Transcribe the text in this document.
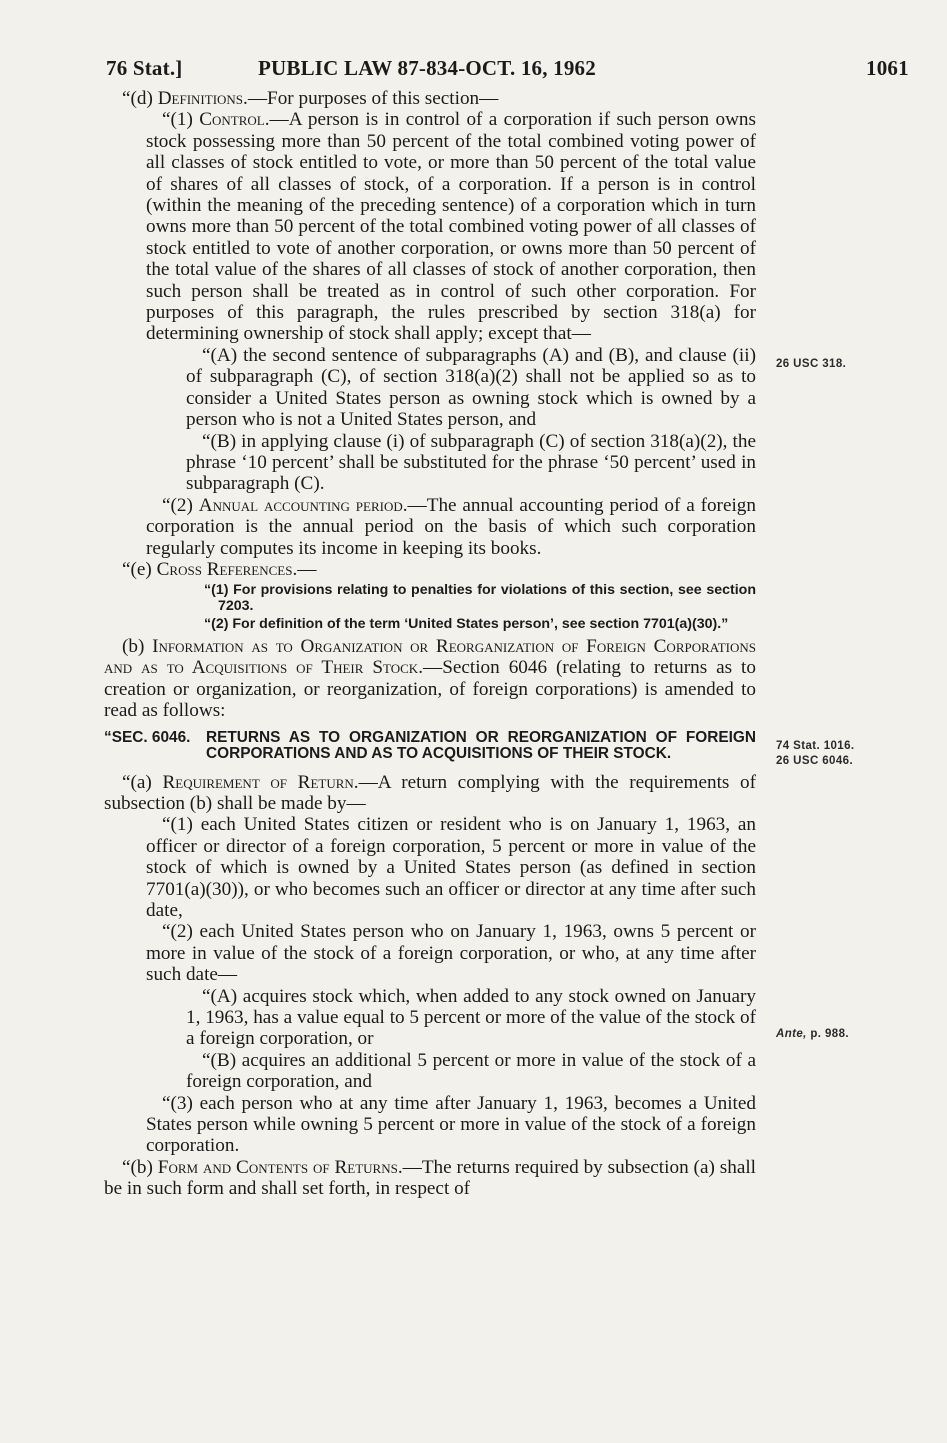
76 Stat.]	PUBLIC LAW 87-834-OCT. 16, 1962	1061
26 USC 318.
74 Stat. 1016.
26 USC 6046.
Ante, p. 988.

“(d) Definitions.—For purposes of this section—

“(1) Control.—A person is in control of a corporation if such person owns stock possessing more than 50 percent of the total combined voting power of all classes of stock entitled to vote, or more than 50 percent of the total value of shares of all classes of stock, of a corporation. If a person is in control (within the meaning of the preceding sentence) of a corporation which in turn owns more than 50 percent of the total combined voting power of all classes of stock entitled to vote of another corporation, or owns more than 50 percent of the total value of the shares of all classes of stock of another corporation, then such person shall be treated as in control of such other corporation. For purposes of this paragraph, the rules prescribed by section 318(a) for determining ownership of stock shall apply; except that—

“(A) the second sentence of subparagraphs (A) and (B), and clause (ii) of subparagraph (C), of section 318(a)(2) shall not be applied so as to consider a United States person as owning stock which is owned by a person who is not a United States person, and

“(B) in applying clause (i) of subparagraph (C) of section 318(a)(2), the phrase ‘10 percent’ shall be substituted for the phrase ‘50 percent’ used in subparagraph (C).

“(2) Annual accounting period.—The annual accounting period of a foreign corporation is the annual period on the basis of which such corporation regularly computes its income in keeping its books.

“(e) Cross References.—

“(1) For provisions relating to penalties for violations of this section, see section 7203.

“(2) For definition of the term ‘United States person’, see section 7701(a)(30).”

(b) Information as to Organization or Reorganization of Foreign Corporations and as to Acquisitions of Their Stock.—Section 6046 (relating to returns as to creation or organization, or reorganization, of foreign corporations) is amended to read as follows:

“SEC. 6046. RETURNS AS TO ORGANIZATION OR REORGANIZATION OF FOREIGN CORPORATIONS AND AS TO ACQUISITIONS OF THEIR STOCK.

“(a) Requirement of Return.—A return complying with the requirements of subsection (b) shall be made by—

“(1) each United States citizen or resident who is on January 1, 1963, an officer or director of a foreign corporation, 5 percent or more in value of the stock of which is owned by a United States person (as defined in section 7701(a)(30)), or who becomes such an officer or director at any time after such date,

“(2) each United States person who on January 1, 1963, owns 5 percent or more in value of the stock of a foreign corporation, or who, at any time after such date—

“(A) acquires stock which, when added to any stock owned on January 1, 1963, has a value equal to 5 percent or more of the value of the stock of a foreign corporation, or

“(B) acquires an additional 5 percent or more in value of the stock of a foreign corporation, and

“(3) each person who at any time after January 1, 1963, becomes a United States person while owning 5 percent or more in value of the stock of a foreign corporation.

“(b) Form and Contents of Returns.—The returns required by subsection (a) shall be in such form and shall set forth, in respect of
